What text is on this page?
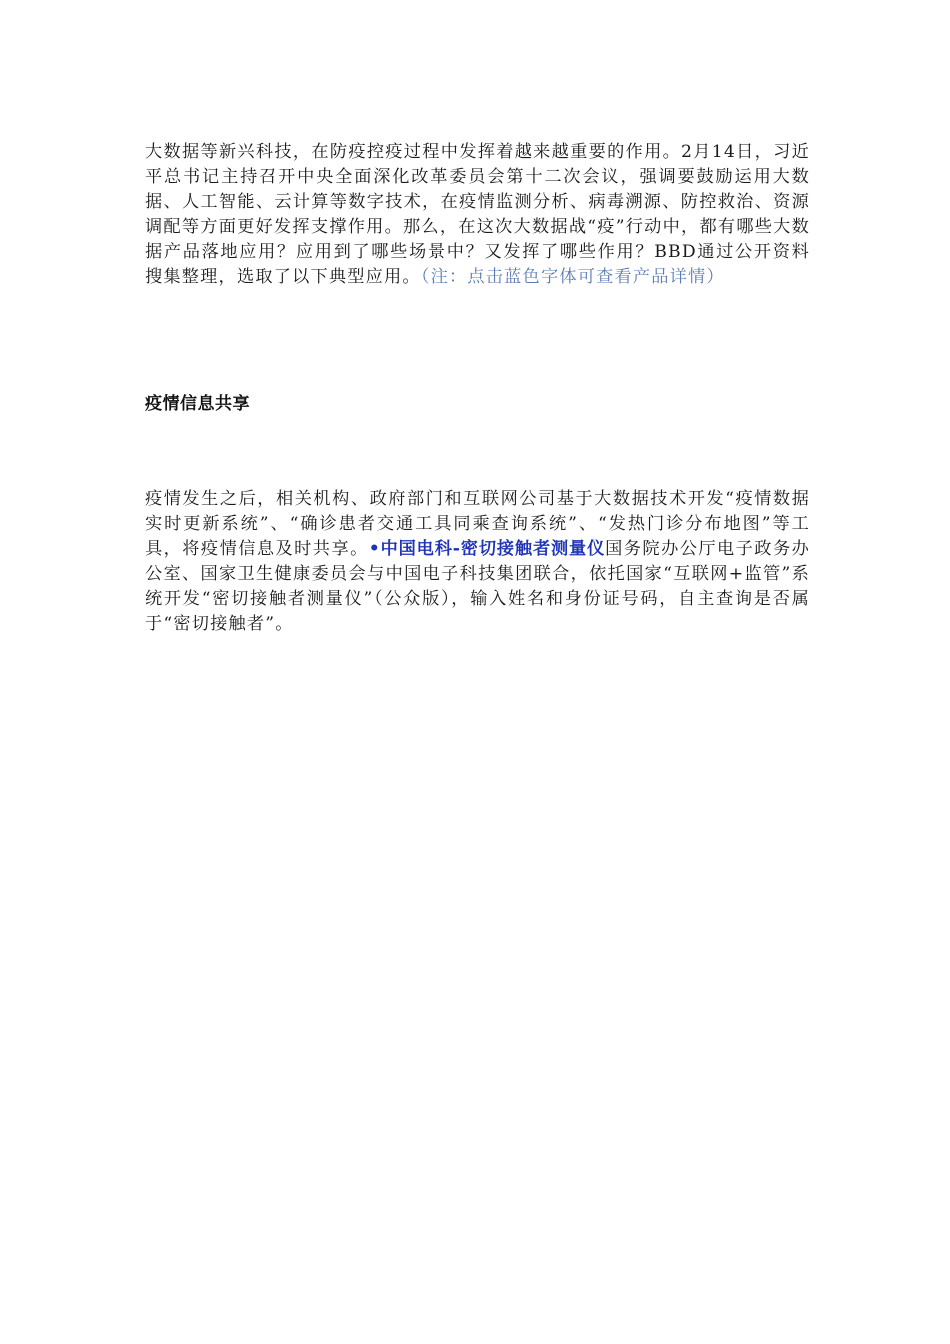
大数据等新兴科技，在防疫控疫过程中发挥着越来越重要的作用。2月14日，习近平总书记主持召开中央全面深化改革委员会第十二次会议，强调要鼓励运用大数据、人工智能、云计算等数字技术，在疫情监测分析、病毒溯源、防控救治、资源调配等方面更好发挥支撑作用。那么，在这次大数据战“疫”行动中，都有哪些大数据产品落地应用？应用到了哪些场景中？又发挥了哪些作用？BBD通过公开资料搜集整理，选取了以下典型应用。（注：点击蓝色字体可查看产品详情）

疫情信息共享

疫情发生之后，相关机构、政府部门和互联网公司基于大数据技术开发“疫情数据实时更新系统”、“确诊患者交通工具同乘查询系统”、“发热门诊分布地图”等工具，将疫情信息及时共享。•中国电科-密切接触者测量仪国务院办公厅电子政务办公室、国家卫生健康委员会与中国电子科技集团联合，依托国家“互联网+监管”系统开发“密切接触者测量仪”（公众版），输入姓名和身份证号码，自主查询是否属于“密切接触者”。
